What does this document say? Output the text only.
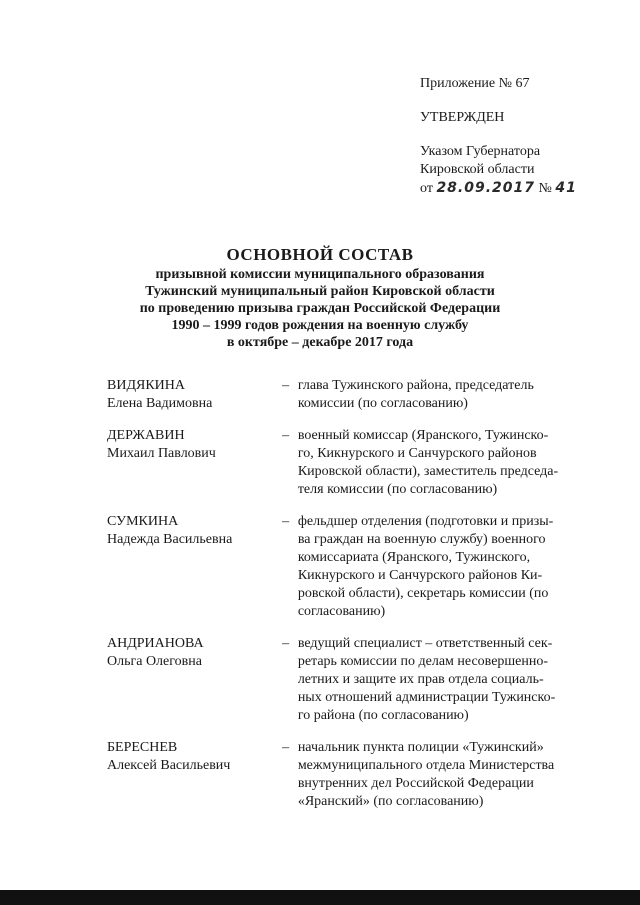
Приложение № 67
УТВЕРЖДЕН
Указом Губернатора
Кировской области
от 28.09.2017 № 41
ОСНОВНОЙ СОСТАВ
призывной комиссии муниципального образования
Тужинский муниципальный район Кировской области
по проведению призыва граждан Российской Федерации
1990 – 1999 годов рождения на военную службу
в октябре – декабре 2017 года
ВИДЯКИНА
Елена Вадимовна
– глава Тужинского района, председатель
комиссии (по согласованию)
ДЕРЖАВИН
Михаил Павлович
– военный комиссар (Яранского, Тужинско-
го, Кикнурского и Санчурского районов
Кировской области), заместитель председа-
теля комиссии (по согласованию)
СУМКИНА
Надежда Васильевна
– фельдшер отделения (подготовки и призы-
ва граждан на военную службу) военного
комиссариата (Яранского, Тужинского,
Кикнурского и Санчурского районов Ки-
ровской области), секретарь комиссии (по
согласованию)
АНДРИАНОВА
Ольга Олеговна
– ведущий специалист – ответственный сек-
ретарь комиссии по делам несовершенно-
летних и защите их прав отдела социаль-
ных отношений администрации Тужинско-
го района (по согласованию)
БЕРЕСНЕВ
Алексей Васильевич
– начальник пункта полиции «Тужинский»
межмуниципального отдела Министерства
внутренних дел Российской Федерации
«Яранский» (по согласованию)
